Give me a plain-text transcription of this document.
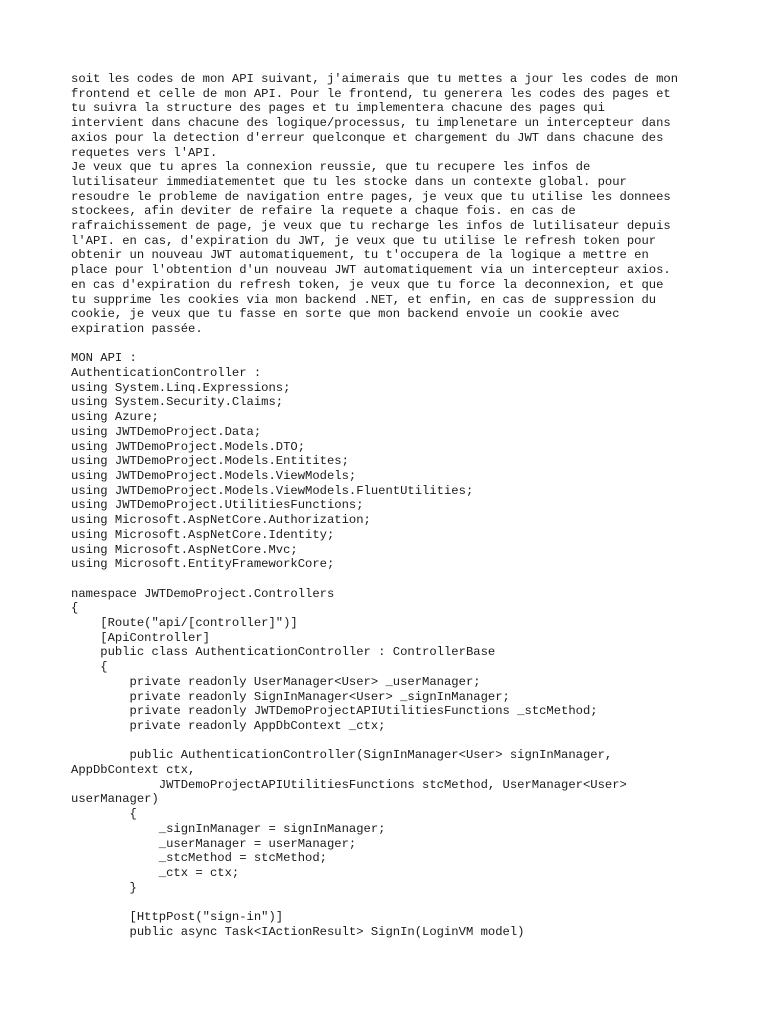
soit les codes de mon API suivant, j'aimerais que tu mettes a jour les codes de mon
frontend et celle de mon API. Pour le frontend, tu generera les codes des pages et
tu suivra la structure des pages et tu implementera chacune des pages qui
intervient dans chacune des logique/processus, tu implenetare un intercepteur dans
axios pour la detection d'erreur quelconque et chargement du JWT dans chacune des
requetes vers l'API.
Je veux que tu apres la connexion reussie, que tu recupere les infos de
lutilisateur immediatementet que tu les stocke dans un contexte global. pour
resoudre le probleme de navigation entre pages, je veux que tu utilise les donnees
stockees, afin deviter de refaire la requete a chaque fois. en cas de
rafraichissement de page, je veux que tu recharge les infos de lutilisateur depuis
l'API. en cas, d'expiration du JWT, je veux que tu utilise le refresh token pour
obtenir un nouveau JWT automatiquement, tu t'occupera de la logique a mettre en
place pour l'obtention d'un nouveau JWT automatiquement via un intercepteur axios.
en cas d'expiration du refresh token, je veux que tu force la deconnexion, et que
tu supprime les cookies via mon backend .NET, et enfin, en cas de suppression du
cookie, je veux que tu fasse en sorte que mon backend envoie un cookie avec
expiration passée.

MON API :
AuthenticationController :
using System.Linq.Expressions;
using System.Security.Claims;
using Azure;
using JWTDemoProject.Data;
using JWTDemoProject.Models.DTO;
using JWTDemoProject.Models.Entitites;
using JWTDemoProject.Models.ViewModels;
using JWTDemoProject.Models.ViewModels.FluentUtilities;
using JWTDemoProject.UtilitiesFunctions;
using Microsoft.AspNetCore.Authorization;
using Microsoft.AspNetCore.Identity;
using Microsoft.AspNetCore.Mvc;
using Microsoft.EntityFrameworkCore;

namespace JWTDemoProject.Controllers
{
[Route("api/[controller]")]
[ApiController]
public class AuthenticationController : ControllerBase
{
private readonly UserManager<User> _userManager;
private readonly SignInManager<User> _signInManager;
private readonly JWTDemoProjectAPIUtilitiesFunctions _stcMethod;
private readonly AppDbContext _ctx;

public AuthenticationController(SignInManager<User> signInManager,
AppDbContext ctx,
JWTDemoProjectAPIUtilitiesFunctions stcMethod, UserManager<User>
userManager)
{
_signInManager = signInManager;
_userManager = userManager;
_stcMethod = stcMethod;
_ctx = ctx;
}

[HttpPost("sign-in")]
public async Task<IActionResult> SignIn(LoginVM model)
